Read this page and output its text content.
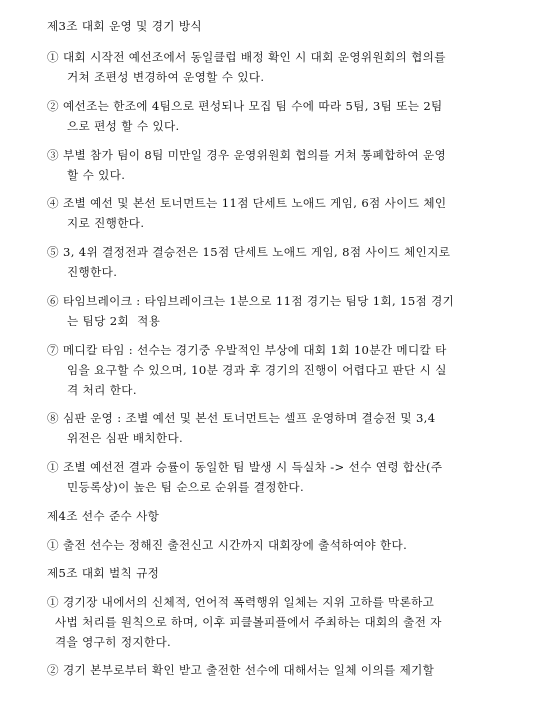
제3조 대회 운영 및 경기 방식
① 대회 시작전 예선조에서 동일클럽 배정 확인 시 대회 운영위원회의 협의를
거쳐 조편성 변경하여 운영할 수 있다.
② 예선조는 한조에 4팀으로 편성되나 모집 팀 수에 따라 5팀, 3팀 또는 2팀
으로 편성 할 수 있다.
③ 부별 참가 팀이 8팀 미만일 경우 운영위원회 협의를 거쳐 통폐합하여 운영
할 수 있다.
④ 조별 예선 및 본선 토너먼트는 11점 단세트 노애드 게임, 6점 사이드 체인
지로 진행한다.
⑤ 3, 4위 결정전과 결승전은 15점 단세트 노애드 게임, 8점 사이드 체인지로
진행한다.
⑥ 타임브레이크 : 타임브레이크는 1분으로 11점 경기는 팀당 1회, 15점 경기
는 팀당 2회  적용
⑦ 메디칼 타임 : 선수는 경기중 우발적인 부상에 대회 1회 10분간 메디칼 타
임을 요구할 수 있으며, 10분 경과 후 경기의 진행이 어렵다고 판단 시 실
격 처리 한다.
⑧ 심판 운영 : 조별 예선 및 본선 토너먼트는 셀프 운영하며 결승전 및 3,4
위전은 심판 배치한다.
① 조별 예선전 결과 승률이 동일한 팀 발생 시 득실차 -> 선수 연령 합산(주
민등록상)이 높은 팀 순으로 순위를 결정한다.
제4조 선수 준수 사항
① 출전 선수는 정해진 출전신고 시간까지 대회장에 출석하여야 한다.
제5조 대회 벌칙 규정
① 경기장 내에서의 신체적, 언어적 폭력행위 일체는 지위 고하를 막론하고
사법 처리를 원칙으로 하며, 이후 피클볼피플에서 주최하는 대회의 출전 자
격을 영구히 정지한다.
② 경기 본부로부터 확인 받고 출전한 선수에 대해서는 일체 이의를 제기할
